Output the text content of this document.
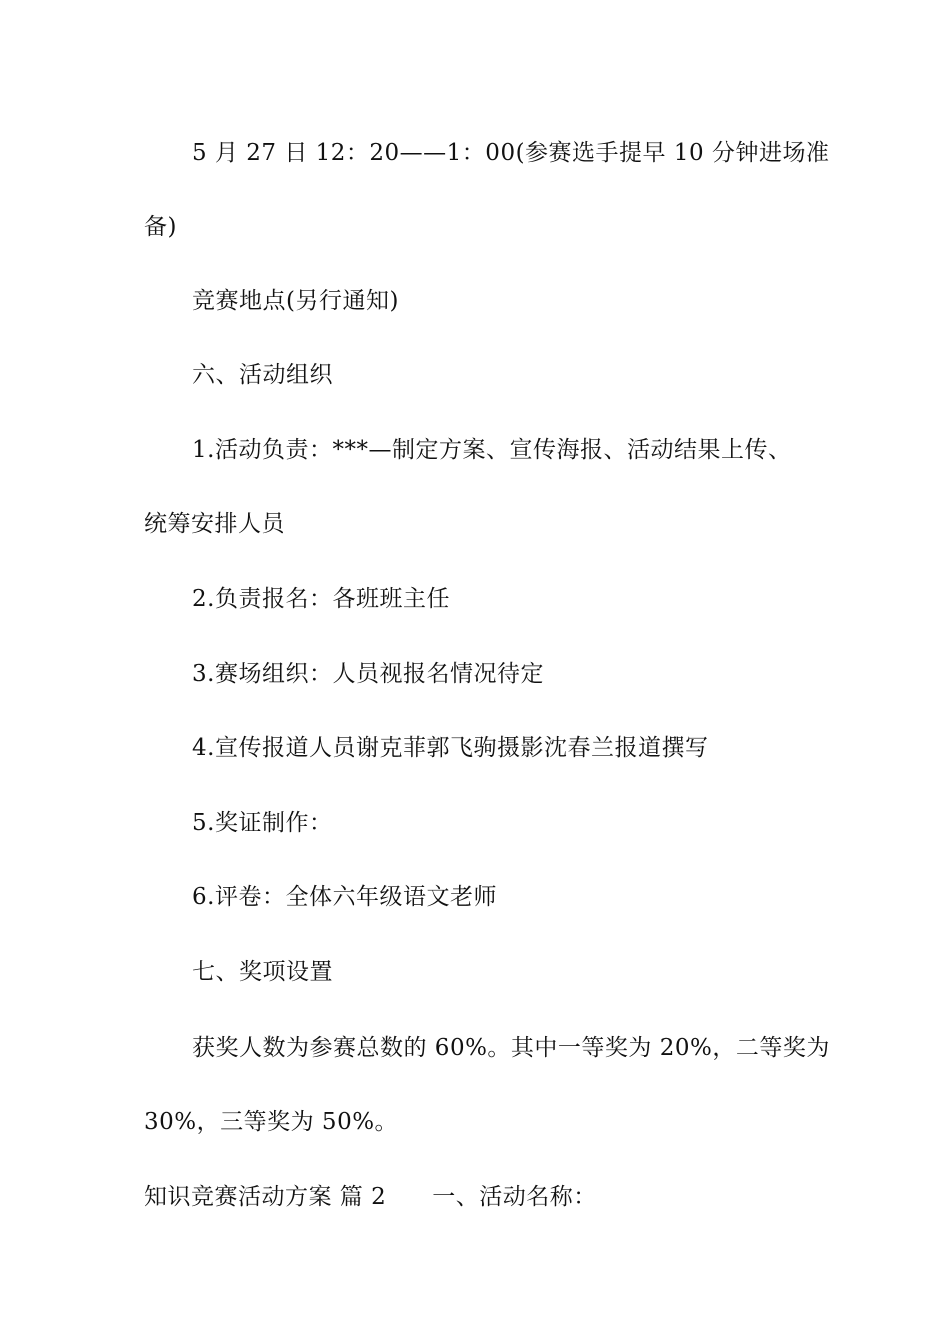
5 月 27 日 12：20——1：00(参赛选手提早 10 分钟进场准
备)
竞赛地点(另行通知)
六、活动组织
1.活动负责：***—制定方案、宣传海报、活动结果上传、
统筹安排人员
2.负责报名：各班班主任
3.赛场组织：人员视报名情况待定
4.宣传报道人员谢克菲郭飞驹摄影沈春兰报道撰写
5.奖证制作：
6.评卷：全体六年级语文老师
七、奖项设置
获奖人数为参赛总数的 60%。其中一等奖为 20%，二等奖为
30%，三等奖为 50%。
知识竞赛活动方案 篇 2 一、活动名称：
